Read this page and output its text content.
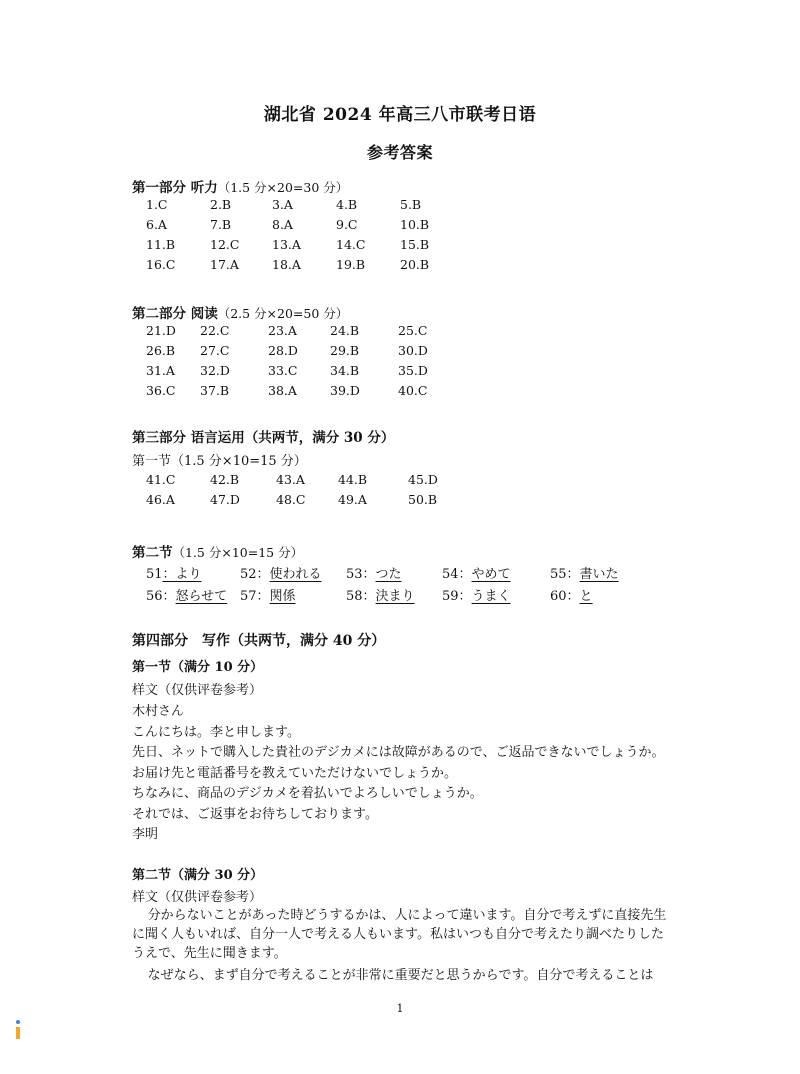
湖北省 2024 年高三八市联考日语
参考答案
第一部分 听力（1.5 分×20=30 分）
1.C	2.B	3.A	4.B	5.B
6.A	7.B	8.A	9.C	10.B
11.B	12.C	13.A	14.C	15.B
16.C	17.A	18.A	19.B	20.B
第二部分 阅读（2.5 分×20=50 分）
21.D 22.C	23.A	24.B	25.C
26.B 27.C	28.D	29.B	30.D
31.A 32.D	33.C	34.B	35.D
36.C 37.B	38.A	39.D	40.C
第三部分 语言运用（共两节，满分 30 分）
第一节（1.5 分×10=15 分）
41.C	42.B	43.A	44.B	45.D
46.A	47.D	48.C	49.A	50.B
第二节（1.5 分×10=15 分）
51：より	52：使われる 53：つた	54：やめて	55：書いた
56：怒らせて 57：関係	58：決まり 59：うまく	60：と
第四部分　写作（共两节，满分 40 分）
第一节（满分 10 分）
样文（仅供评卷参考）
木村さん
こんにちは。李と申します。
先日、ネットで購入した貴社のデジカメには故障があるので、ご返品できないでしょうか。
お届け先と電話番号を教えていただけないでしょうか。
ちなみに、商品のデジカメを着払いでよろしいでしょうか。
それでは、ご返事をお待ちしております。
李明
第二节（满分 30 分）
样文（仅供评卷参考）
分からないことがあった時どうするかは、人によって違います。自分で考えずに直接先生に聞く人もいれば、自分一人で考える人もいます。私はいつも自分で考えたり調べたりしたうえで、先生に聞きます。
なぜなら、まず自分で考えることが非常に重要だと思うからです。自分で考えることは
1
